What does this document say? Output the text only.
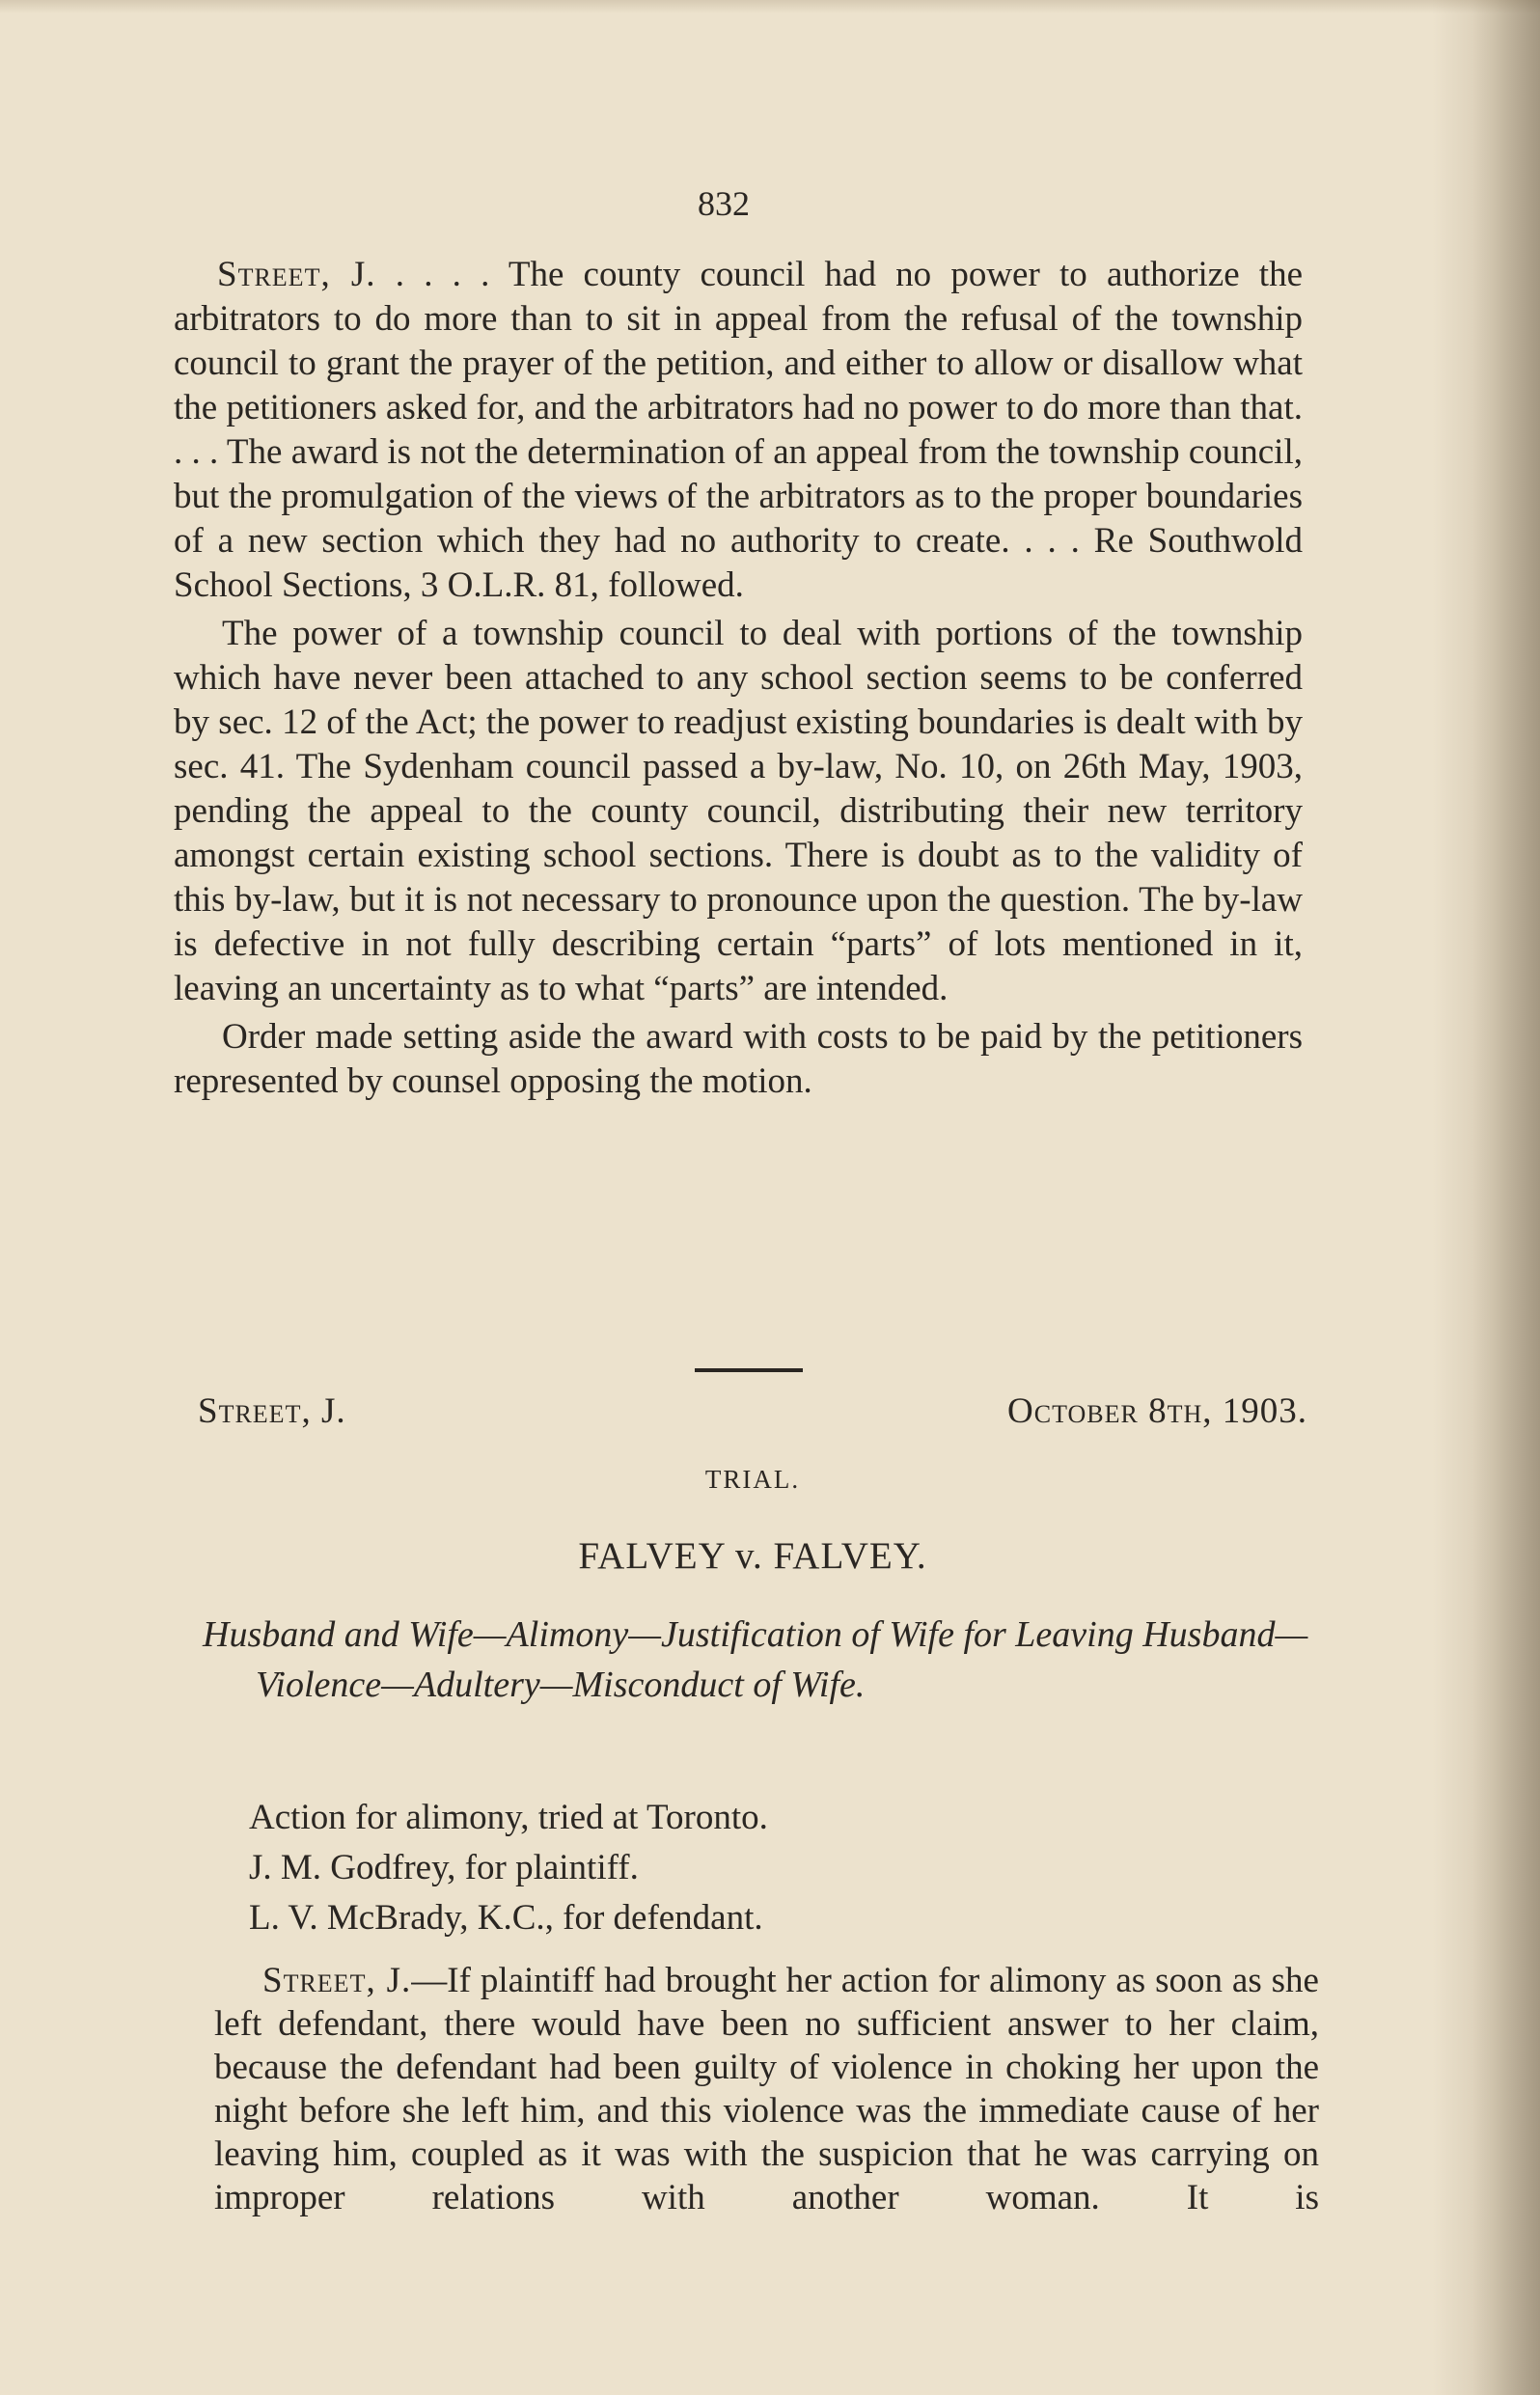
832

Street, J. . . . . The county council had no power to authorize the arbitrators to do more than to sit in appeal from the refusal of the township council to grant the prayer of the petition, and either to allow or disallow what the petitioners asked for, and the arbitrators had no power to do more than that. . . . The award is not the determination of an appeal from the township council, but the promulgation of the views of the arbitrators as to the proper boundaries of a new section which they had no authority to create. . . . Re Southwold School Sections, 3 O.L.R. 81, followed.

The power of a township council to deal with portions of the township which have never been attached to any school section seems to be conferred by sec. 12 of the Act; the power to readjust existing boundaries is dealt with by sec. 41. The Sydenham council passed a by-law, No. 10, on 26th May, 1903, pending the appeal to the county council, distributing their new territory amongst certain existing school sections. There is doubt as to the validity of this by-law, but it is not necessary to pronounce upon the question. The by-law is defective in not fully describing certain “parts” of lots mentioned in it, leaving an uncertainty as to what “parts” are intended.

Order made setting aside the award with costs to be paid by the petitioners represented by counsel opposing the motion.

Street, J.	October 8th, 1903.
TRIAL.
FALVEY v. FALVEY.
Husband and Wife—Alimony—Justification of Wife for Leaving Husband—Violence—Adultery—Misconduct of Wife.
Action for alimony, tried at Toronto.
J. M. Godfrey, for plaintiff.
L. V. McBrady, K.C., for defendant.
Street, J.—If plaintiff had brought her action for alimony as soon as she left defendant, there would have been no sufficient answer to her claim, because the defendant had been guilty of violence in choking her upon the night before she left him, and this violence was the immediate cause of her leaving him, coupled as it was with the suspicion that he was carrying on improper relations with another woman. It is
